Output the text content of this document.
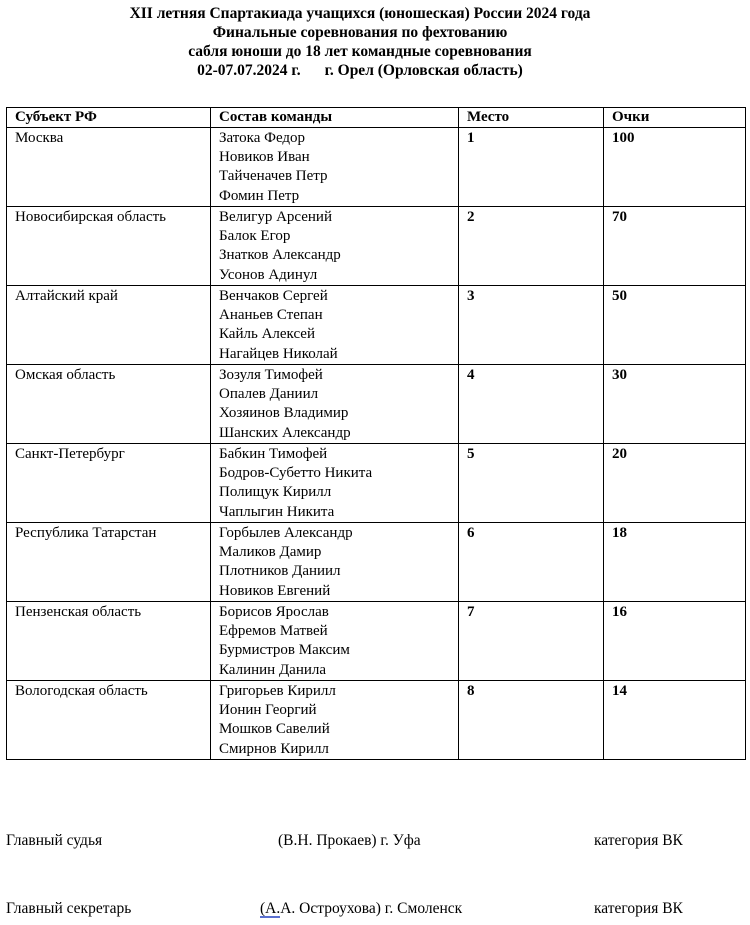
XII летняя Спартакиада учащихся (юношеская) России 2024 года
Финальные соревнования по фехтованию
сабля юноши до 18 лет командные соревнования
02-07.07.2024 г. г. Орел (Орловская область)
Субъект РФ	Состав команды	Место	Очки
Москва	Затока Федор
Новиков Иван
Тайченачев Петр
Фомин Петр	1	100
Новосибирская область	Велигур Арсений
Балок Егор
Знатков Александр
Усонов Адинул	2	70
Алтайский край	Венчаков Сергей
Ананьев Степан
Кайль Алексей
Нагайцев Николай	3	50
Омская область	Зозуля Тимофей
Опалев Даниил
Хозяинов Владимир
Шанских Александр	4	30
Санкт-Петербург	Бабкин Тимофей
Бодров-Субетто Никита
Полищук Кирилл
Чаплыгин Никита	5	20
Республика Татарстан	Горбылев Александр
Маликов Дамир
Плотников Даниил
Новиков Евгений	6	18
Пензенская область	Борисов Ярослав
Ефремов Матвей
Бурмистров Максим
Калинин Данила	7	16
Вологодская область	Григорьев Кирилл
Ионин Георгий
Мошков Савелий
Смирнов Кирилл	8	14
Главный судья	(В.Н. Прокаев) г. Уфа	категория ВК
Главный секретарь	(А.А. Остроухова) г. Смоленск	категория ВК
